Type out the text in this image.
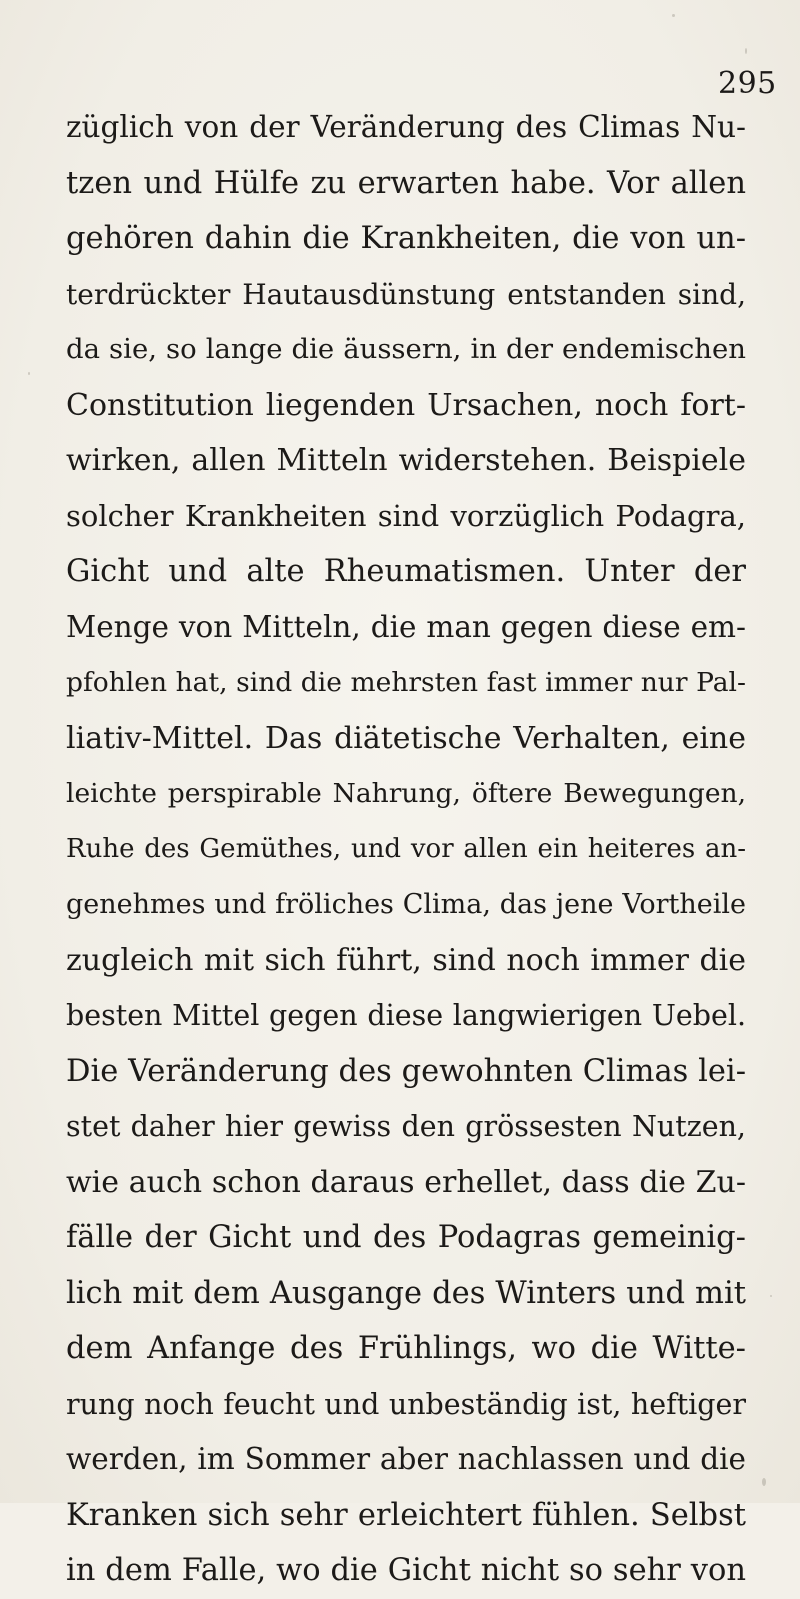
295
züglich von der Veränderung des Climas Nu-
tzen und Hülfe zu erwarten habe. Vor allen
gehören dahin die Krankheiten, die von un-
terdrückter Hautausdünstung entstanden sind,
da sie, so lange die äussern, in der endemischen
Constitution liegenden Ursachen, noch fort-
wirken, allen Mitteln widerstehen. Beispiele
solcher Krankheiten sind vorzüglich Podagra,
Gicht und alte Rheumatismen. Unter der
Menge von Mitteln, die man gegen diese em-
pfohlen hat, sind die mehrsten fast immer nur Pal-
liativ-Mittel. Das diätetische Verhalten, eine
leichte perspirable Nahrung, öftere Bewegungen,
Ruhe des Gemüthes, und vor allen ein heiteres an-
genehmes und fröliches Clima, das jene Vortheile
zugleich mit sich führt, sind noch immer die
besten Mittel gegen diese langwierigen Uebel.
Die Veränderung des gewohnten Climas lei-
stet daher hier gewiss den grössesten Nutzen,
wie auch schon daraus erhellet, dass die Zu-
fälle der Gicht und des Podagras gemeinig-
lich mit dem Ausgange des Winters und mit
dem Anfange des Frühlings, wo die Witte-
rung noch feucht und unbeständig ist, heftiger
werden, im Sommer aber nachlassen und die
Kranken sich sehr erleichtert fühlen. Selbst
in dem Falle, wo die Gicht nicht so sehr von
